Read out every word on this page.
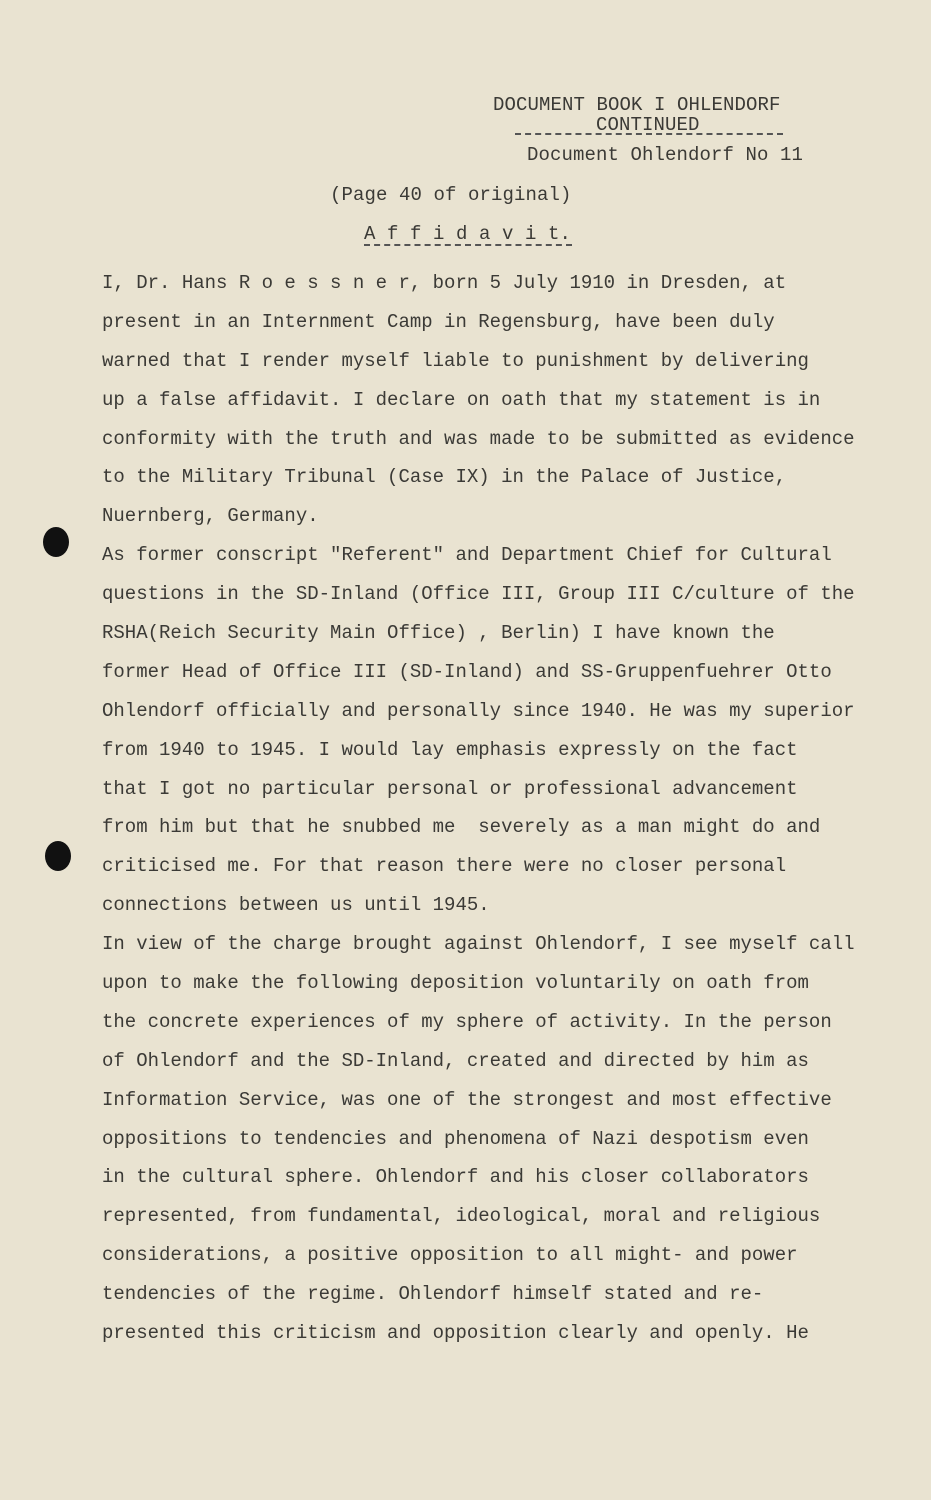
DOCUMENT BOOK I OHLENDORF
CONTINUED
Document Ohlendorf No 11
(Page 40 of original)
A f f i d a v i t.
I, Dr. Hans R o e s s n e r, born 5 July 1910 in Dresden, at
present in an Internment Camp in Regensburg, have been duly
warned that I render myself liable to punishment by delivering
up a false affidavit. I declare on oath that my statement is in
conformity with the truth and was made to be submitted as evidence
to the Military Tribunal (Case IX) in the Palace of Justice,
Nuernberg, Germany.
As former conscript "Referent" and Department Chief for Cultural
questions in the SD-Inland (Office III, Group III C/culture of the
RSHA(Reich Security Main Office) , Berlin) I have known the
former Head of Office III (SD-Inland) and SS-Gruppenfuehrer Otto
Ohlendorf officially and personally since 1940. He was my superior
from 1940 to 1945. I would lay emphasis expressly on the fact
that I got no particular personal or professional advancement
from him but that he snubbed me  severely as a man might do and
criticised me. For that reason there were no closer personal
connections between us until 1945.
In view of the charge brought against Ohlendorf, I see myself call
upon to make the following deposition voluntarily on oath from
the concrete experiences of my sphere of activity. In the person
of Ohlendorf and the SD-Inland, created and directed by him as
Information Service, was one of the strongest and most effective
oppositions to tendencies and phenomena of Nazi despotism even
in the cultural sphere. Ohlendorf and his closer collaborators
represented, from fundamental, ideological, moral and religious
considerations, a positive opposition to all might- and power
tendencies of the regime. Ohlendorf himself stated and re-
presented this criticism and opposition clearly and openly. He
